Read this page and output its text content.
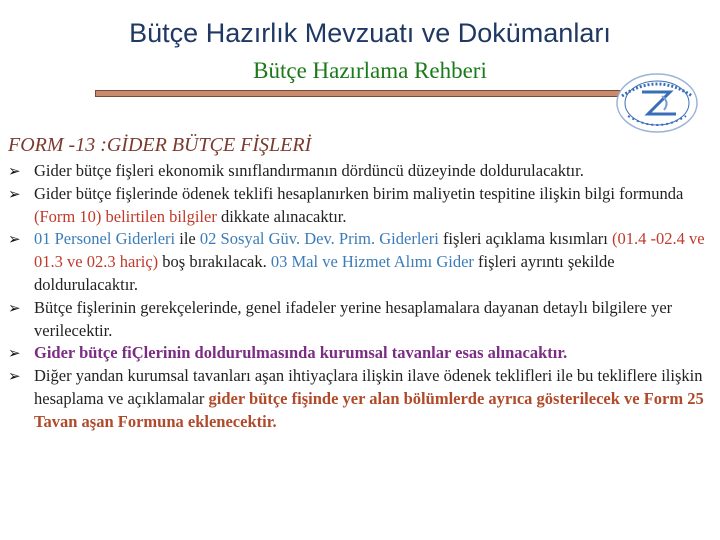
Bütçe Hazırlık Mevzuatı ve Dokümanları
Bütçe Hazırlama Rehberi
FORM -13 :GİDER BÜTÇE FİŞLERİ
➢ Gider bütçe fişleri ekonomik sınıflandırmanın dördüncü düzeyinde doldurulacaktır.
➢ Gider bütçe fişlerinde ödenek teklifi hesaplanırken birim maliyetin tespitine ilişkin bilgi formunda (Form 10) belirtilen bilgiler dikkate alınacaktır.
➢ 01 Personel Giderleri ile 02 Sosyal Güv. Dev. Prim. Giderleri fişleri açıklama kısımları (01.4 -02.4 ve 01.3 ve 02.3 hariç) boş bırakılacak. 03 Mal ve Hizmet Alımı Gider fişleri ayrıntı şekilde doldurulacaktır.
➢ Bütçe fişlerinin gerekçelerinde, genel ifadeler yerine hesaplamalara dayanan detaylı bilgilere yer verilecektir.
➢ Gider bütçe fiÇlerinin doldurulmasında kurumsal tavanlar esas alınacaktır.
➢ Diğer yandan kurumsal tavanları aşan ihtiyaçlara ilişkin ilave ödenek teklifleri ile bu tekliflere ilişkin hesaplama ve açıklamalar gider bütçe fişinde yer alan bölümlerde ayrıca gösterilecek ve Form 25 Tavan aşan Formuna eklenecektir.
